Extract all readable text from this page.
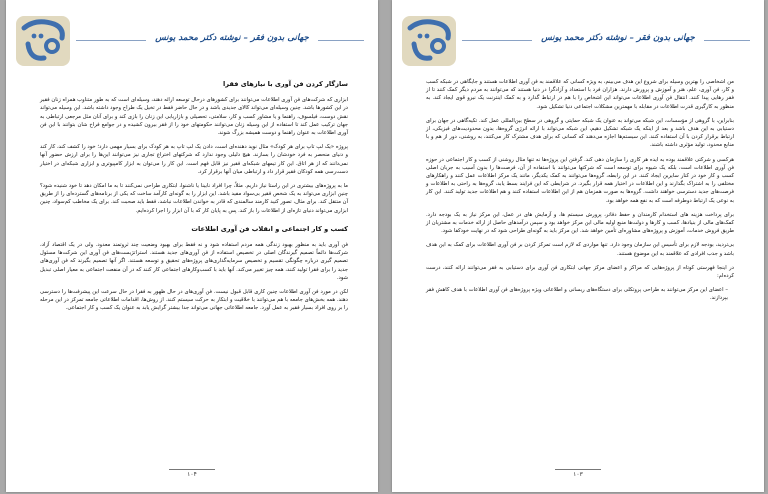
جهانی بدون فقر – نوشته دکتر محمد یونس
سازگار کردن فن آوری با نیازهای فقرا

ابزاری که شرکت‌های فن آوری اطلاعات می‌توانند برای کشورهای درحال توسعه ارائه دهند، وسیله‌ای است که به طور متناوب همراه زنان فقیر در این کشورها باشد. چنین وسیله‌ای می‌تواند کالای جدیدی باشد و در حال حاضر فقط در تخیل یک طراح وجود داشته باشد. این وسیله می‌تواند نقش دوست، فیلسوف، راهنما و یا مشاور کسب و کار، سلامتی، تحصیلی و بازاریابی این زنان را بازی کند و برای آنان مثل مرجعی ارتباطی به جهان ترکیب عمل کند تا استفاده از این وسیله زنان می‌توانند حکومتهای خود را از فقر بیرون کشیده و در جوامع فراخ شان بتوانند با این فن آوری اطلاعات به عنوان راهنما و دوست همیشه بزرگ شوند.

پروژه «یک لپ تاپ برای هر کودک» مثال نوید دهنده‌ای است، دادن یک لپ تاپ به هر کودک برای بسیار مهمی دارد؛ خود را کشف کند، کار کند و دنیای منحصر به فرد خودشان را بسازند. هیچ دلیلی وجود ندارد که شرکتهای اختراع تجاری نیز می‌توانند این‌ها را برای ارزش حضور آنها نمی‌دانند که از هر اتاق. این کار تیمهای شبکه‌ای فقیر نیز قابل فهم است. این کار را می‌توان به ابزار کامپیوتری و ابزاری شبکه‌ای در اختیار دست‌رسی همه کودکان فقیر قرار داد و ارتباطی میان آنها برقرار کرد.

ما به پروژه‌های بیشتری در این راستا نیاز داریم. مثلاً، چرا افراد نابینا یا ناشنوا، ابتکاری طراحی نمی‌کنند تا به ما امکان دهد تا خود شنیده شود؟ چنین ابزاری می‌تواند به یک شخص فقیر بی‌سواد مفید باشد. این ابزار را به گونه‌ای کارآمد ساخت که یکی از برنامه‌های گسترده‌ای را از طریق آن منتقل کند. برای مثال، تصور کنید کارمند سالمندی که قادر به خواندن اطلاعات نباشد، فقط باید صحبت کند. برای یک مخاطب کم‌سواد، چنین ابزاری می‌تواند دنیای تازه‌ای از اطلاعات را باز کند. پس به پایان کار که با آن ابزار را اجرا کرده‌ایم.

کسب و کار اجتماعی و انقلاب فن آوری اطلاعات

فن آوری باید به منظور بهبود زندگی همه مردم استفاده شود و نه فقط برای بهبود وضعیت چند ثروتمند معدود. ولی در یک اقتصاد آزاد، شرکت‌ها دائماً تصمیم گیرندگان اصلی در تخصیص استفاده از فن آوری‌های جدید هستند. استراتژیست‌های فن آوری این شرکت‌ها مسئول تصمیم گیری درباره چگونگی تقسیم و تخصیص سرمایه‌گذاری‌های پروژه‌های تحقیق و توسعه هستند. اگر آنها تصمیم بگیرند که فن آوری‌های جدید را برای فقرا تولید کنند، همه چیز تغییر می‌کند. آنها باید با کسب‌و‌کارهای اجتماعی کار کنند که در آن منفعت اجتماعی به معیار اصلی تبدیل شود.

لکن در مورد فن آوری اطلاعات چنین کاری قابل قبول نیست. فن آوری‌های در حال ظهور به فقرا در حال سرعت این پیشرفت‌ها را دسترسی دهند. همه بخش‌های جامعه با هم می‌توانند با خلاقیت و ابتکار به حرکت سیستم کنند. از روش‌ها، اقدامات اطلاعاتی جامعه تمرکز در این مرحله را بر روی افراد بسیار فقیر به عمل آورد. جامعه اطلاعاتی جهانی می‌تواند جدا بیشتر گرایش یابد به عنوان یک کسب و کار اجتماعی.

۱۰۴
جهانی بدون فقر – نوشته دکتر محمد یونس

من اشخاصی را بهترین وسیله برای شروع این هدف می‌بینم، به ویژه کسانی که علاقمند به فن آوری اطلاعات هستند و جایگاهی در شبکه کسب و کار، فن آوری، علم، هنر و آموزش و پرورش دارند. هزاران فرد با استعداد و آزادگرا در دنیا هستند که می‌توانند به مردم دیگر کمک کنند تا از فقر رهایی پیدا کنند. انتقال فن آوری اطلاعات می‌تواند این اشخاص را با هم در ارتباط گذارد و به کمک اینترنت یک نیرو قوی ایجاد کند. به منظور به کارگیری قدرت اطلاعات در مقابله با مهمترین مشکلات اجتماعی دنیا تشکیل شود.

بنابراین، با گروهی از مؤسسات، این شبکه می‌تواند به عنوان یک شبکه حمایتی و گروهی در سطح بین‌المللی عمل کند. تکیه‌گاهی در جهان برای دستیابی به این هدف باشد و بعد از اینکه یک شبکه تشکیل دهیم، این شبکه می‌تواند با ارائه انرژی گروه‌ها، بدون محدودیت‌های فیزیکی، از ارتباط برقرار کردن با آن استفاده کنند. این سیستم‌ها اجازه می‌دهند که کسانی که برای هدف مشترک کار می‌کنند، به روشنی، دور از هم و با منابع محدود، تولید مؤثری داشته باشند.

هرکسی و شرکتی علاقمند بوده به ایده هر کاری را سازمان دهی کند. گرفتن این پروژه‌ها نه تنها مثال روشنی از کسب و کار اجتماعی در حوزه فن آوری اطلاعات است، بلکه یک شیوه برای توسعه است که شرکتها می‌توانند با استفاده از آن، فرصت‌ها را بدون آسیب به جریان اصلی کسب و کار خود در کنار سایرین ایجاد کنند. در این رابطه، گروه‌ها می‌توانند به کمک یکدیگر، مانند یک مرکز اطلاعات عمل کنند و راهکارهای مختلفی را به اشتراک بگذارند و این اطلاعات در اختیار همه قرار بگیرد. در شرایطی که این فرایند بسط یابد، گروه‌ها به راحتی به اطلاعات و فرصت‌های جدید دسترسی خواهند داشت. گروه‌ها به صورت همزمان هم از این اطلاعات استفاده کنند و هم اطلاعات جدید تولید کنند. این کار به نوعی یک ارتباط دوطرفه است که به نفع همه خواهد بود.

برای پرداخت هزینه های استخدام کارمندان و حفظ دفاتر، پرورش سیستم ها، و آزمایش های در عمل، این مرکز نیاز به یک بودجه دارد. کمک‌های مالی از بنیادها، کسب و کارها و دولت‌ها منبع اولیه مالی این مرکز خواهد بود و سپس درآمدهای حاصل از ارائه خدمات به مشتریان از طریق فروش خدمات، آموزش و پروژه‌های مشاوره‌ای تأمین خواهد شد. این مرکز باید به گونه‌ای طراحی شود که در نهایت خودکفا شود.

بی‌تردید، بودجه لازم برای تأسیس این سازمان وجود دارد. تنها مواردی که لازم است تمرکز کردن بر فن آوری اطلاعات برای کمک به این هدف باشد و جذب افرادی که علاقمند به این موضوع هستند.

در اینجا فهرستی کوتاه از پروژه‌هایی که مراکز و اعضای مرکز جهانی ابتکاری فن آوری برای دستیابی به فقر می‌توانند ارائه کنند، درست کرده‌ام:

– اعضای این مرکز می‌توانند به طراحی پروتکلی برای دستگاه‌های ریسانی و اطلاعاتی ویژه پروژه‌های فن آوری اطلاعات با هدف کاهش فقر بپردازند.

۱۰۳
